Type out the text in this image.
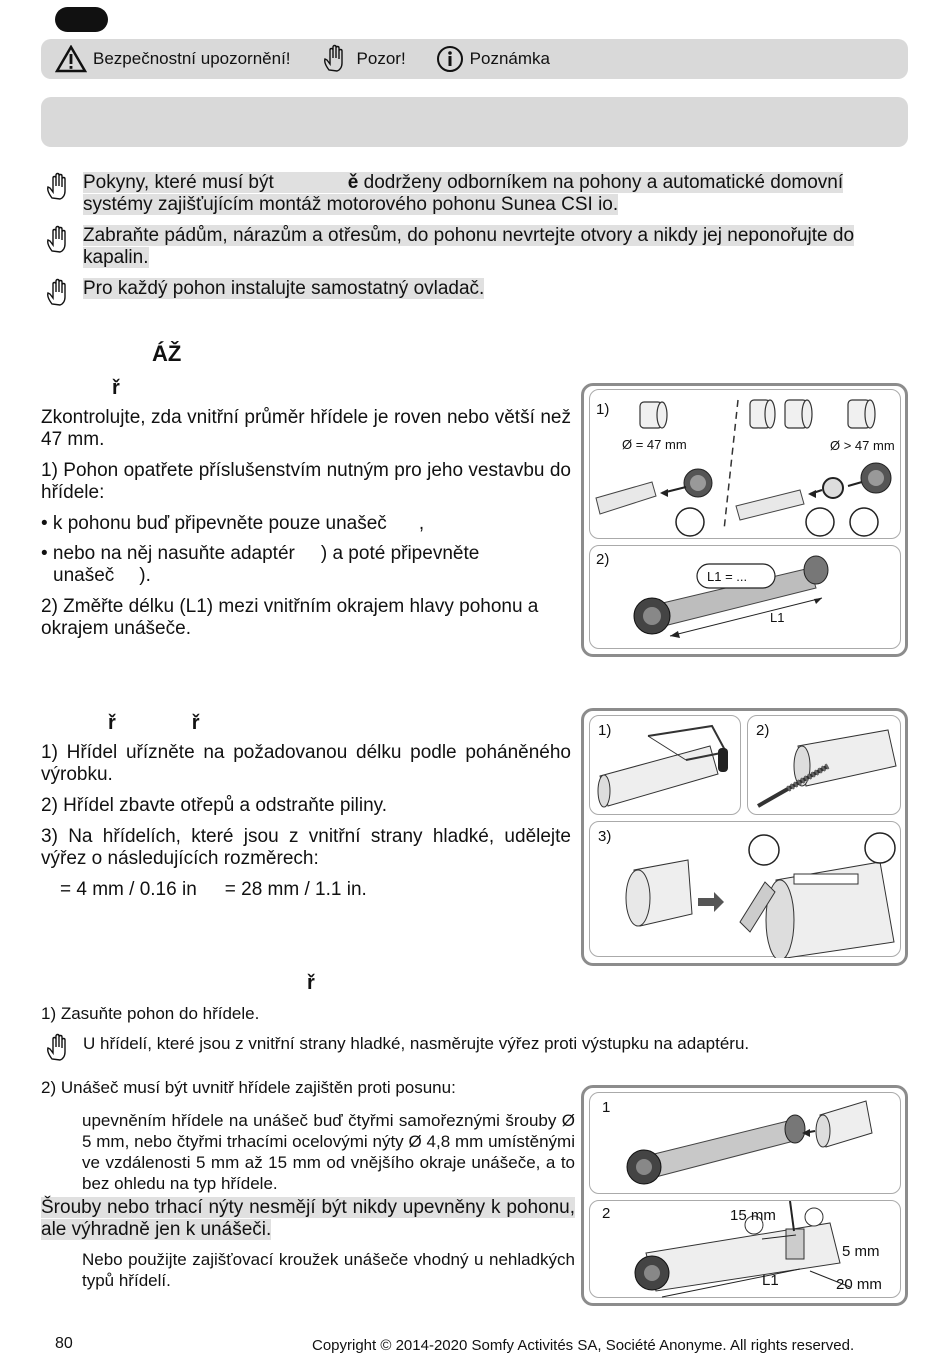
Bezpečnostní upozornění!	Pozor!	Poznámka
Pokyny, které musí být	ě dodrženy odborníkem na pohony a automatické domovní systémy zajišťujícím montáž motorového pohonu Sunea CSI io.
Zabraňte pádům, nárazům a otřesům, do pohonu nevrtejte otvory a nikdy jej neponořujte do kapalin.
Pro každý pohon instalujte samostatný ovladač.
ÁŽ
ř
Zkontrolujte, zda vnitřní průměr hřídele je roven nebo větší než 47 mm.
1) Pohon opatřete příslušenstvím nutným pro jeho vestavbu do hřídele:
• k pohonu buď připevněte pouze unašeč ,
• nebo na něj nasuňte adaptér ) a poté připevněte
unašeč ).
2) Změřte délku (L1) mezi vnitřním okrajem hlavy pohonu a okrajem unášeče.
1)
Ø = 47 mm	Ø > 47 mm
2)
L1 = ...
L1
ř	ř
1) Hřídel uřízněte na požadovanou délku podle poháněného výrobku.
2) Hřídel zbavte otřepů a odstraňte piliny.
3) Na hřídelích, které jsou z vnitřní strany hladké, udělejte výřez o následujících rozměrech:
= 4 mm / 0.16 in = 28 mm / 1.1 in.
1)	2)
3)
ř
1) Zasuňte pohon do hřídele.
U hřídelí, které jsou z vnitřní strany hladké, nasměrujte výřez proti výstupku na adaptéru.
2) Unášeč musí být uvnitř hřídele zajištěn proti posunu:
upevněním hřídele na unášeč buď čtyřmi samořeznými šrouby Ø 5 mm, nebo čtyřmi trhacími ocelovými nýty Ø 4,8 mm umístěnými ve vzdálenosti 5 mm až 15 mm od vnějšího okraje unášeče, a to bez ohledu na typ hřídele.
Šrouby nebo trhací nýty nesmějí být nikdy upevněny k pohonu, ale výhradně jen k unášeči.
Nebo použijte zajišťovací kroužek unášeče vhodný u nehladkých typů hřídelí.
1
2	15 mm
5 mm
L1	20 mm
80	Copyright © 2014-2020 Somfy Activités SA, Société Anonyme. All rights reserved.
